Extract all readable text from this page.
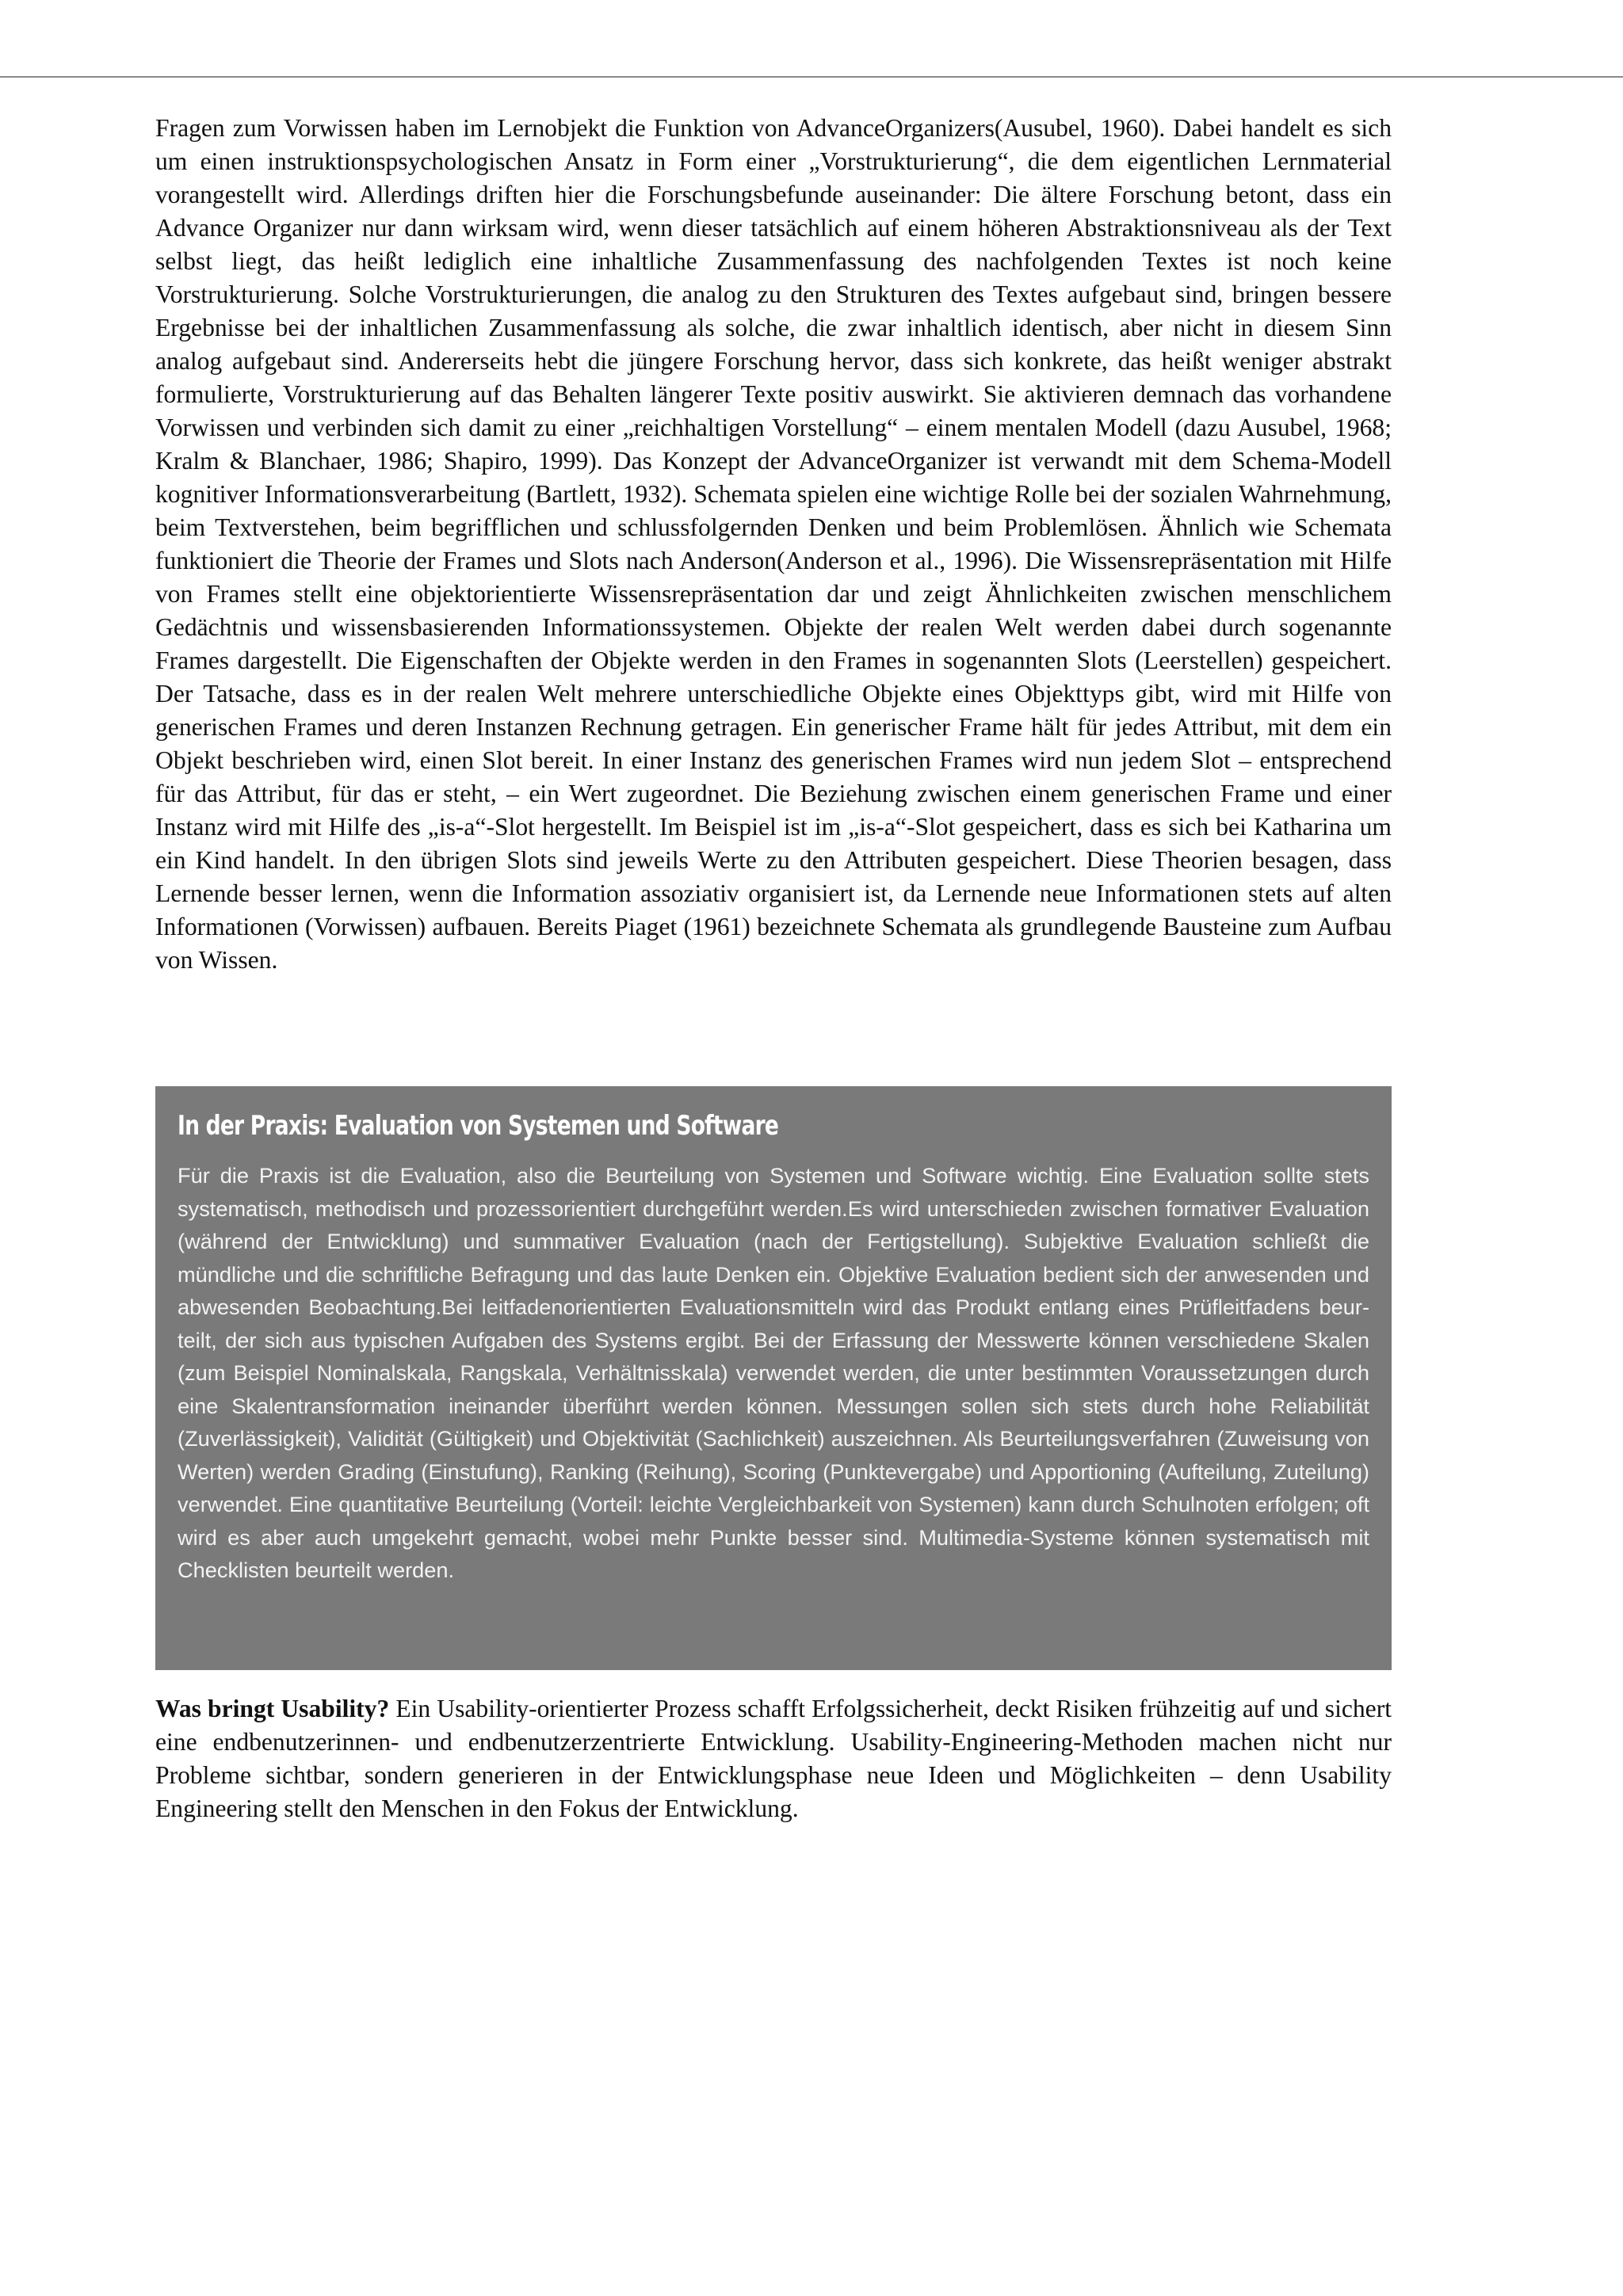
Fragen zum Vorwissen haben im Lernobjekt die Funktion von AdvanceOrganizers(Ausubel, 1960). Dabei handelt es sich um einen instruktionspsychologischen Ansatz in Form einer „Vorstrukturierung“, die dem eigentlichen Lernmaterial vorangestellt wird. Allerdings driften hier die Forschungsbefunde auseinander: Die ältere Forschung betont, dass ein Advance Organizer nur dann wirksam wird, wenn dieser tatsächlich auf einem höheren Abstraktionsniveau als der Text selbst liegt, das heißt lediglich eine inhaltliche Zusammenfassung des nachfolgenden Textes ist noch keine Vorstrukturierung. Solche Vorstrukturierungen, die analog zu den Strukturen des Textes aufgebaut sind, bringen bessere Ergebnisse bei der inhaltlichen Zusammenfassung als solche, die zwar inhaltlich identisch, aber nicht in diesem Sinn analog aufgebaut sind. Andererseits hebt die jüngere Forschung hervor, dass sich konkrete, das heißt weniger abstrakt formulierte, Vorstrukturierung auf das Behalten längerer Texte positiv auswirkt. Sie aktivieren demnach das vorhandene Vorwissen und verbinden sich damit zu einer „reichhaltigen Vorstellung“ – einem mentalen Modell (dazu Ausubel, 1968; Kralm & Blanchaer, 1986; Shapiro, 1999). Das Konzept der AdvanceOrganizer ist verwandt mit dem Schema-Modell kognitiver Informationsverarbeitung (Bartlett, 1932). Schemata spielen eine wichtige Rolle bei der sozialen Wahrnehmung, beim Textverstehen, beim begrifflichen und schlussfolgernden Denken und beim Problemlösen. Ähnlich wie Schemata funktioniert die Theorie der Frames und Slots nach Anderson(Anderson et al., 1996). Die Wissensrepräsentation mit Hilfe von Frames stellt eine objektorientierte Wissensrepräsentation dar und zeigt Ähnlichkeiten zwischen menschlichem Gedächtnis und wissensbasierenden Informationssystemen. Objekte der realen Welt werden dabei durch sogenannte Frames dargestellt. Die Eigenschaften der Objekte werden in den Frames in sogenannten Slots (Leerstellen) gespeichert. Der Tatsache, dass es in der realen Welt mehrere unterschiedliche Objekte eines Objekttyps gibt, wird mit Hilfe von generischen Frames und deren Instanzen Rechnung getragen. Ein generischer Frame hält für jedes Attribut, mit dem ein Objekt beschrieben wird, einen Slot bereit. In einer Instanz des generischen Frames wird nun jedem Slot – entsprechend für das Attribut, für das er steht, – ein Wert zugeordnet. Die Beziehung zwischen einem generischen Frame und einer Instanz wird mit Hilfe des „is-a“-Slot hergestellt. Im Beispiel ist im „is-a“-Slot gespeichert, dass es sich bei Katharina um ein Kind handelt. In den übrigen Slots sind jeweils Werte zu den Attributen gespeichert. Diese Theorien besagen, dass Lernende besser lernen, wenn die Information assoziativ organisiert ist, da Lernende neue Informationen stets auf alten Informationen (Vorwissen) aufbauen. Bereits Piaget (1961) bezeichnete Schemata als grundlegende Bausteine zum Aufbau von Wissen.

In der Praxis: Evaluation von Systemen und Software

Für die Praxis ist die Evaluation, also die Beurteilung von Systemen und Software wichtig. Eine Evaluation sollte stets systematisch, methodisch und prozessorientiert durchgeführt werden.Es wird unterschieden zwischen formativer Evaluation (während der Entwicklung) und summativer Evaluation (nach der Fertigstellung). Subjektive Evaluation schließt die mündliche und die schriftliche Befragung und das laute Denken ein. Objektive Evaluation bedient sich der anwesenden und abwesenden Beobachtung.Bei leitfadenorientierten Evaluationsmitteln wird das Produkt entlang eines Prüfleitfadens beurteilt, der sich aus typischen Aufgaben des Systems ergibt. Bei der Erfassung der Messwerte können verschiedene Skalen (zum Beispiel Nominalskala, Rangskala, Verhältnisskala) verwendet werden, die unter bestimmten Voraussetzungen durch eine Skalentransformation ineinander überführt werden können. Messungen sollen sich stets durch hohe Reliabilität (Zuverlässigkeit), Validität (Gültigkeit) und Objektivität (Sachlichkeit) auszeichnen. Als Beurteilungsverfahren (Zuweisung von Werten) werden Grading (Einstufung), Ranking (Reihung), Scoring (Punktevergabe) und Apportioning (Aufteilung, Zuteilung) verwendet. Eine quantitative Beurteilung (Vorteil: leichte Vergleichbarkeit von Systemen) kann durch Schulnoten erfolgen; oft wird es aber auch umgekehrt gemacht, wobei mehr Punkte besser sind. Multimedia-Systeme können systematisch mit Checklisten beurteilt werden.

Was bringt Usability? Ein Usability-orientierter Prozess schafft Erfolgssicherheit, deckt Risiken frühzeitig auf und sichert eine endbenutzerinnen- und endbenutzerzentrierte Entwicklung. Usability-Engineering-Methoden machen nicht nur Probleme sichtbar, sondern generieren in der Entwicklungsphase neue Ideen und Möglichkeiten – denn Usability Engineering stellt den Menschen in den Fokus der Entwicklung.
